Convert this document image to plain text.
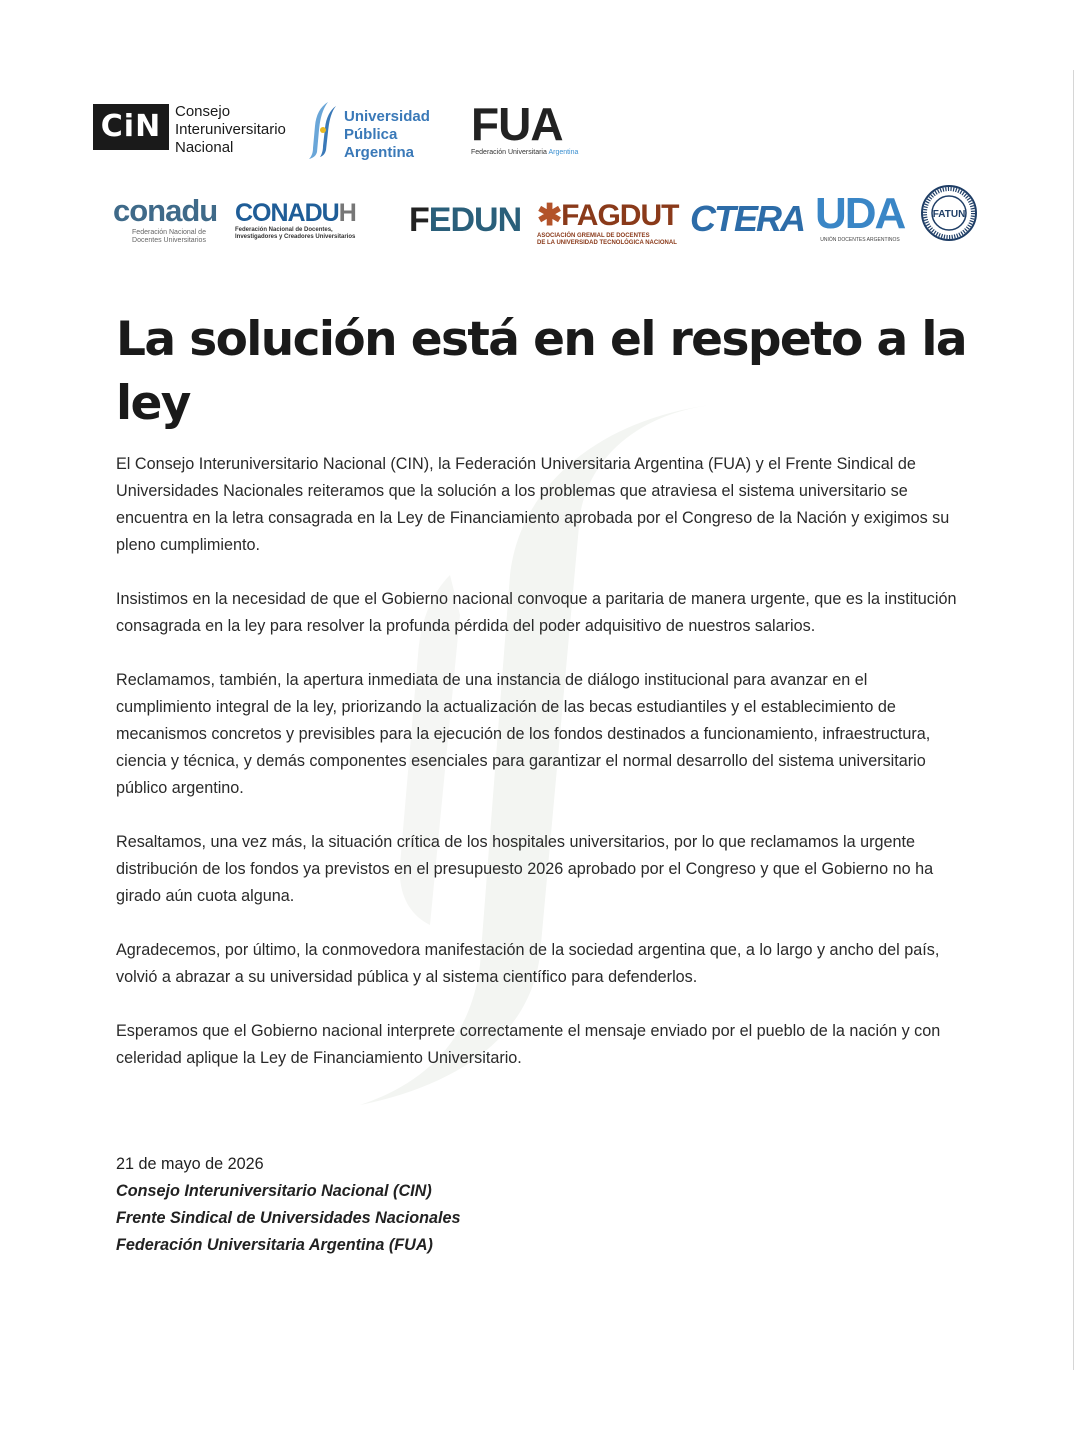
CiN Consejo
Interuniversitario
Nacional
Universidad
Pública
Argentina
FUA
Federación Universitaria Argentina
conadu
Federación Nacional de
Docentes Universitarios
CONADUH
Federación Nacional de Docentes,
Investigadores y Creadores Universitarios	FEDUN ✱FAGDUT
ASOCIACIÓN GREMIAL DE DOCENTES
DE LA UNIVERSIDAD TECNOLÓGICA NACIONAL
CTERA UDA
UNIÓN DOCENTES ARGENTINOS
FATUN
La solución está en el respeto a la ley

El Consejo Interuniversitario Nacional (CIN), la Federación Universitaria Argentina (FUA) y el Frente Sindical de Universidades Nacionales reiteramos que la solución a los problemas que atraviesa el sistema universitario se encuentra en la letra consagrada en la Ley de Financiamiento aprobada por el Congreso de la Nación y exigimos su pleno cumplimiento.

Insistimos en la necesidad de que el Gobierno nacional convoque a paritaria de manera urgente, que es la institución consagrada en la ley para resolver la profunda pérdida del poder adquisitivo de nuestros salarios.

Reclamamos, también, la apertura inmediata de una instancia de diálogo institucional para avanzar en el cumplimiento integral de la ley, priorizando la actualización de las becas estudiantiles y el establecimiento de mecanismos concretos y previsibles para la ejecución de los fondos destinados a funcionamiento, infraestructura, ciencia y técnica, y demás componentes esenciales para garantizar el normal desarrollo del sistema universitario público argentino.

Resaltamos, una vez más, la situación crítica de los hospitales universitarios, por lo que reclamamos la urgente distribución de los fondos ya previstos en el presupuesto 2026 aprobado por el Congreso y que el Gobierno no ha girado aún cuota alguna.

Agradecemos, por último, la conmovedora manifestación de la sociedad argentina que, a lo largo y ancho del país, volvió a abrazar a su universidad pública y al sistema científico para defenderlos.

Esperamos que el Gobierno nacional interprete correctamente el mensaje enviado por el pueblo de la nación y con celeridad aplique la Ley de Financiamiento Universitario.

21 de mayo de 2026
Consejo Interuniversitario Nacional (CIN)
Frente Sindical de Universidades Nacionales
Federación Universitaria Argentina (FUA)
